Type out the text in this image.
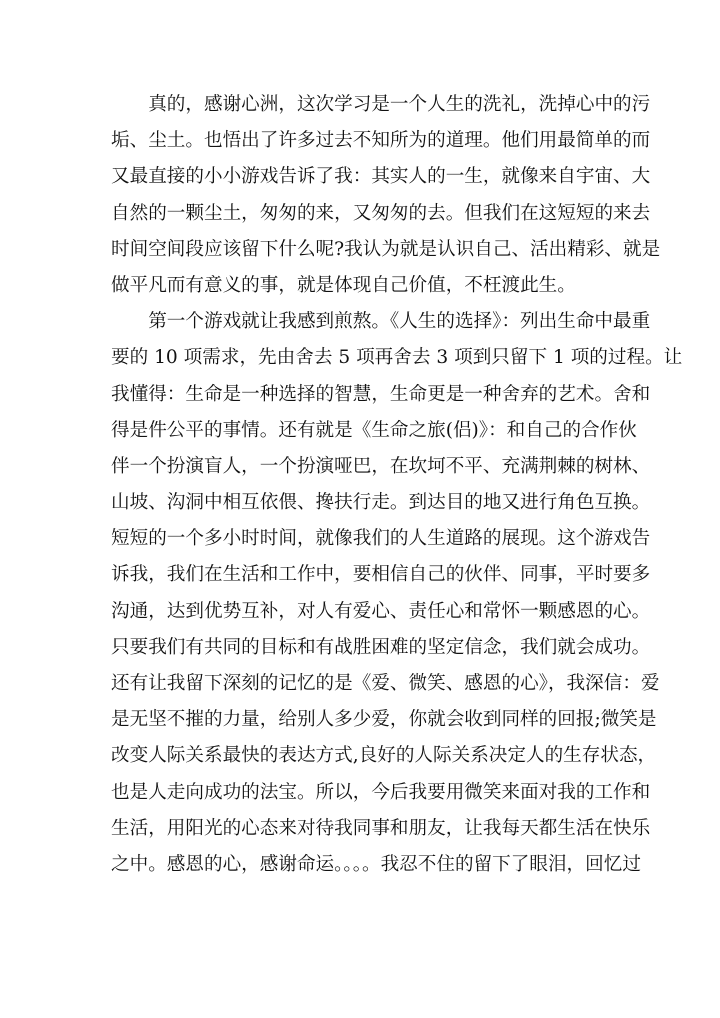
　　真的，感谢心洲，这次学习是一个人生的洗礼，洗掉心中的污
垢、尘土。也悟出了许多过去不知所为的道理。他们用最简单的而
又最直接的小小游戏告诉了我：其实人的一生，就像来自宇宙、大
自然的一颗尘土，匆匆的来，又匆匆的去。但我们在这短短的来去
时间空间段应该留下什么呢?我认为就是认识自己、活出精彩、就是
做平凡而有意义的事，就是体现自己价值，不枉渡此生。
　　第一个游戏就让我感到煎熬。《人生的选择》：列出生命中最重
要的 10 项需求，先由舍去 5 项再舍去 3 项到只留下 1 项的过程。让
我懂得：生命是一种选择的智慧，生命更是一种舍弃的艺术。舍和
得是件公平的事情。还有就是《生命之旅(侣)》：和自己的合作伙
伴一个扮演盲人，一个扮演哑巴，在坎坷不平、充满荆棘的树林、
山坡、沟洞中相互依偎、搀扶行走。到达目的地又进行角色互换。
短短的一个多小时时间，就像我们的人生道路的展现。这个游戏告
诉我，我们在生活和工作中，要相信自己的伙伴、同事，平时要多
沟通，达到优势互补，对人有爱心、责任心和常怀一颗感恩的心。
只要我们有共同的目标和有战胜困难的坚定信念，我们就会成功。
还有让我留下深刻的记忆的是《爱、微笑、感恩的心》，我深信：爱
是无坚不摧的力量，给别人多少爱，你就会收到同样的回报;微笑是
改变人际关系最快的表达方式,良好的人际关系决定人的生存状态，
也是人走向成功的法宝。所以，今后我要用微笑来面对我的工作和
生活，用阳光的心态来对待我同事和朋友，让我每天都生活在快乐
之中。感恩的心，感谢命运。。。。我忍不住的留下了眼泪，回忆过
